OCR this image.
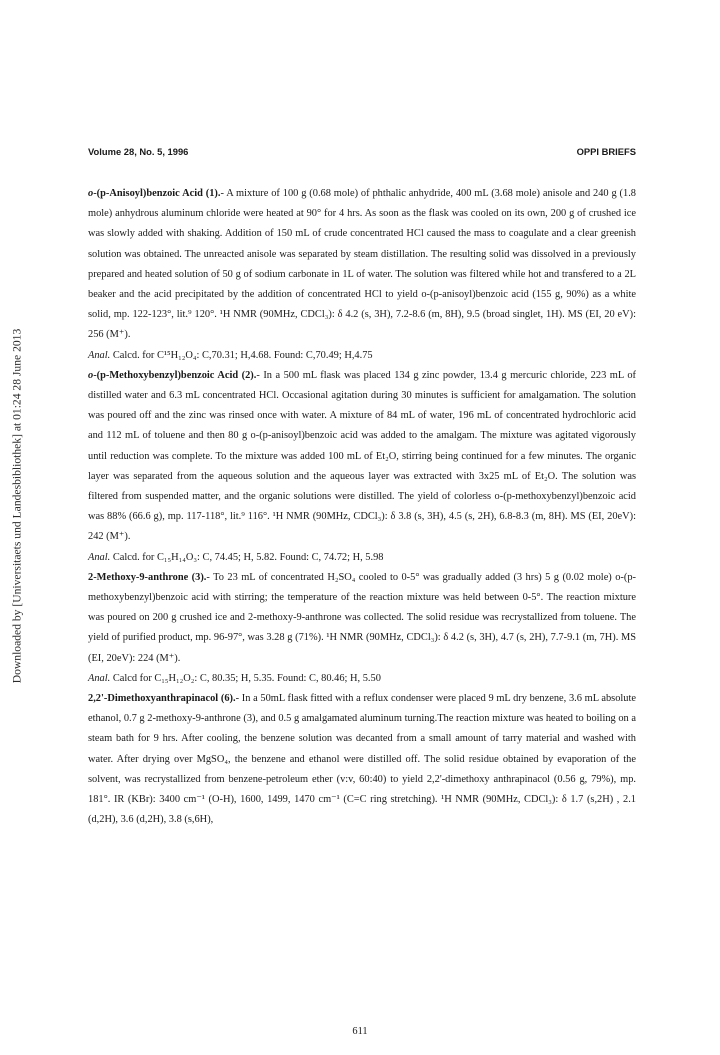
Downloaded by [Universitaets und Landesbibliothek] at 01:24 28 June 2013
Volume 28, No. 5, 1996	OPPI BRIEFS

o-(p-Anisoyl)benzoic Acid (1).- A mixture of 100 g (0.68 mole) of phthalic anhydride, 400 mL (3.68 mole) anisole and 240 g (1.8 mole) anhydrous aluminum chloride were heated at 90° for 4 hrs. As soon as the flask was cooled on its own, 200 g of crushed ice was slowly added with shaking. Addition of 150 mL of crude concentrated HCl caused the mass to coagulate and a clear greenish solution was obtained. The unreacted anisole was separated by steam distillation. The resulting solid was dissolved in a previously prepared and heated solution of 50 g of sodium carbonate in 1L of water. The solution was filtered while hot and transfered to a 2L beaker and the acid precipitated by the addition of concentrated HCl to yield o-(p-anisoyl)benzoic acid (155 g, 90%) as a white solid, mp. 122-123°, lit.⁹ 120°. ¹H NMR (90MHz, CDCl₃): δ 4.2 (s, 3H), 7.2-8.6 (m, 8H), 9.5 (broad singlet, 1H). MS (EI, 20 eV): 256 (M⁺).

Anal. Calcd. for C¹⁵H₁₂O₄: C,70.31; H,4.68. Found: C,70.49; H,4.75

o-(p-Methoxybenzyl)benzoic Acid (2).- In a 500 mL flask was placed 134 g zinc powder, 13.4 g mercuric chloride, 223 mL of distilled water and 6.3 mL concentrated HCl. Occasional agitation during 30 minutes is sufficient for amalgamation. The solution was poured off and the zinc was rinsed once with water. A mixture of 84 mL of water, 196 mL of concentrated hydrochloric acid and 112 mL of toluene and then 80 g o-(p-anisoyl)benzoic acid was added to the amalgam. The mixture was agitated vigorously until reduction was complete. To the mixture was added 100 mL of Et₂O, stirring being continued for a few minutes. The organic layer was separated from the aqueous solution and the aqueous layer was extracted with 3x25 mL of Et₂O. The solution was filtered from suspended matter, and the organic solutions were distilled. The yield of colorless o-(p-methoxybenzyl)benzoic acid was 88% (66.6 g), mp. 117-118°, lit.⁹ 116°. ¹H NMR (90MHz, CDCl₃): δ 3.8 (s, 3H), 4.5 (s, 2H), 6.8-8.3 (m, 8H). MS (EI, 20eV): 242 (M⁺).

Anal. Calcd. for C₁₅H₁₄O₃: C, 74.45; H, 5.82. Found: C, 74.72; H, 5.98

2-Methoxy-9-anthrone (3).- To 23 mL of concentrated H₂SO₄ cooled to 0-5° was gradually added (3 hrs) 5 g (0.02 mole) o-(p-methoxybenzyl)benzoic acid with stirring; the temperature of the reaction mixture was held between 0-5°. The reaction mixture was poured on 200 g crushed ice and 2-methoxy-9-anthrone was collected. The solid residue was recrystallized from toluene. The yield of purified product, mp. 96-97°, was 3.28 g (71%). ¹H NMR (90MHz, CDCl₃): δ 4.2 (s, 3H), 4.7 (s, 2H), 7.7-9.1 (m, 7H). MS (EI, 20eV): 224 (M⁺).

Anal. Calcd for C₁₅H₁₂O₂: C, 80.35; H, 5.35. Found: C, 80.46; H, 5.50

2,2'-Dimethoxyanthrapinacol (6).- In a 50mL flask fitted with a reflux condenser were placed 9 mL dry benzene, 3.6 mL absolute ethanol, 0.7 g 2-methoxy-9-anthrone (3), and 0.5 g amalgamated aluminum turning.The reaction mixture was heated to boiling on a steam bath for 9 hrs. After cooling, the benzene solution was decanted from a small amount of tarry material and washed with water. After drying over MgSO₄, the benzene and ethanol were distilled off. The solid residue obtained by evaporation of the solvent, was recrystallized from benzene-petroleum ether (v:v, 60:40) to yield 2,2'-dimethoxy anthrapinacol (0.56 g, 79%), mp. 181°. IR (KBr): 3400 cm⁻¹ (O-H), 1600, 1499, 1470 cm⁻¹ (C=C ring stretching). ¹H NMR (90MHz, CDCl₃): δ 1.7 (s,2H) , 2.1 (d,2H), 3.6 (d,2H), 3.8 (s,6H),

611
